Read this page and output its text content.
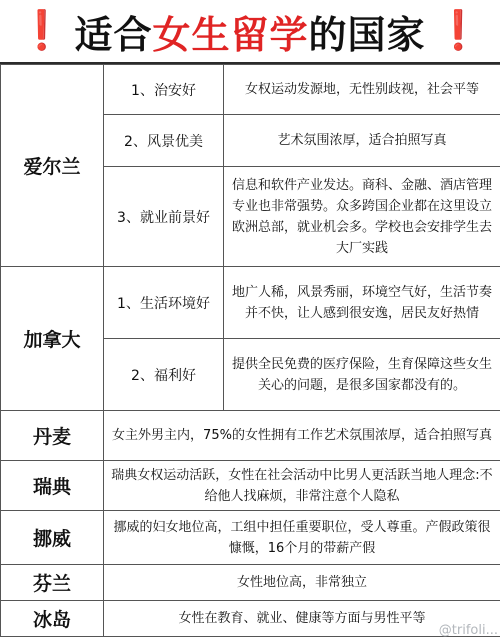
❗ 适合女生留学的国家 ❗
爱尔兰	1、治安好	女权运动发源地，无性别歧视，社会平等
	2、风景优美	艺术氛围浓厚，适合拍照写真
	3、就业前景好	信息和软件产业发达。商科、金融、酒店管理专业也非常强势。众多跨国企业都在这里设立欧洲总部，就业机会多。学校也会安排学生去大厂实践
加拿大	1、生活环境好	地广人稀，风景秀丽，环境空气好，生活节奏并不快，让人感到很安逸，居民友好热情
	2、福利好	提供全民免费的医疗保险，生育保障这些女生关心的问题，是很多国家都没有的。
丹麦	女主外男主内，75%的女性拥有工作艺术氛围浓厚，适合拍照写真	
瑞典	瑞典女权运动活跃，女性在社会活动中比男人更活跃当地人理念:不给他人找麻烦，非常注意个人隐私	
挪威	挪威的妇女地位高，工组中担任重要职位，受人尊重。产假政策很慷慨，16个月的带薪产假	
芬兰	女性地位高，非常独立	
冰岛	女性在教育、就业、健康等方面与男性平等	
@trifoli...
